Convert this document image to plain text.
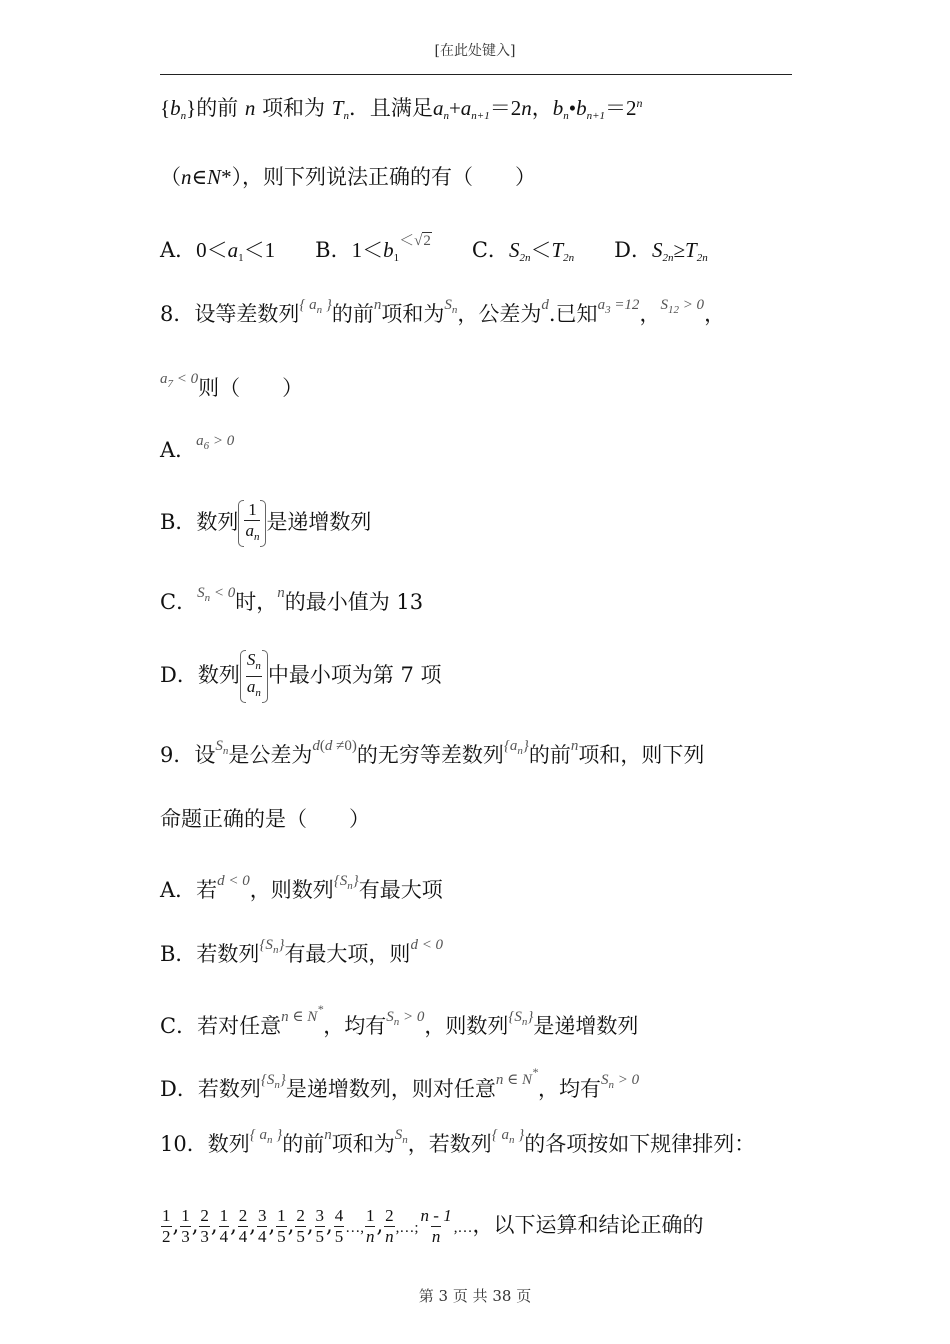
[在此处键入]
$\{b_n\}$的前 n 项和为 $T_n$．且满足$a_n+a_{n+1}=2n$，$b_n•b_{n+1}=2^n$
（n∈N*），则下列说法正确的有（　　）
A．$0<a_1<1$ B．$1<b_1<√2$ C．$S_{2n}<T_{2n}$ D．$S_{2n}\ge T_{2n}$
8．设等差数列{ $a_n$ }的前n项和为$S_n$，公差为d.已知$a_3 =12$，$S_{12} > 0$，
$a_7 < 0$则（　　）
A．$a_6 > 0$
B．数列 $\frac{1}{a_n}$ 是递增数列
C．$S_n < 0$时，n的最小值为 13
D．数列 $\frac{S_n}{a_n}$ 中最小项为第 7 项
9．设$S_n$是公差为d(d ≠0)的无穷等差数列$\{a_n\}$的前n项和，则下列
命题正确的是（　　）
A．若d < 0，则数列$\{S_n\}$有最大项
B．若数列$\{S_n\}$有最大项，则d < 0
C．若对任意n ∈ N*，均有$S_n > 0$，则数列$\{S_n\}$是递增数列
D．若数列$\{S_n\}$是递增数列，则对任意n ∈ N*，均有$S_n > 0$
10．数列{ $a_n$ }的前n项和为$S_n$，若数列{ $a_n$ }的各项按如下规律排列：
$\frac{1}{2}$ , $\frac{1}{3}$ , $\frac{2}{3}$ , $\frac{1}{4}$ , $\frac{2}{4}$ , $\frac{3}{4}$ , $\frac{1}{5}$ , $\frac{2}{5}$ , $\frac{3}{5}$ , $\frac{4}{5}$ …, $\frac{1}{n}$ , $\frac{2}{n}$ ,…; $\frac{n - 1}{n}$ ,…，以下运算和结论正确的
第 3 页 共 38 页
